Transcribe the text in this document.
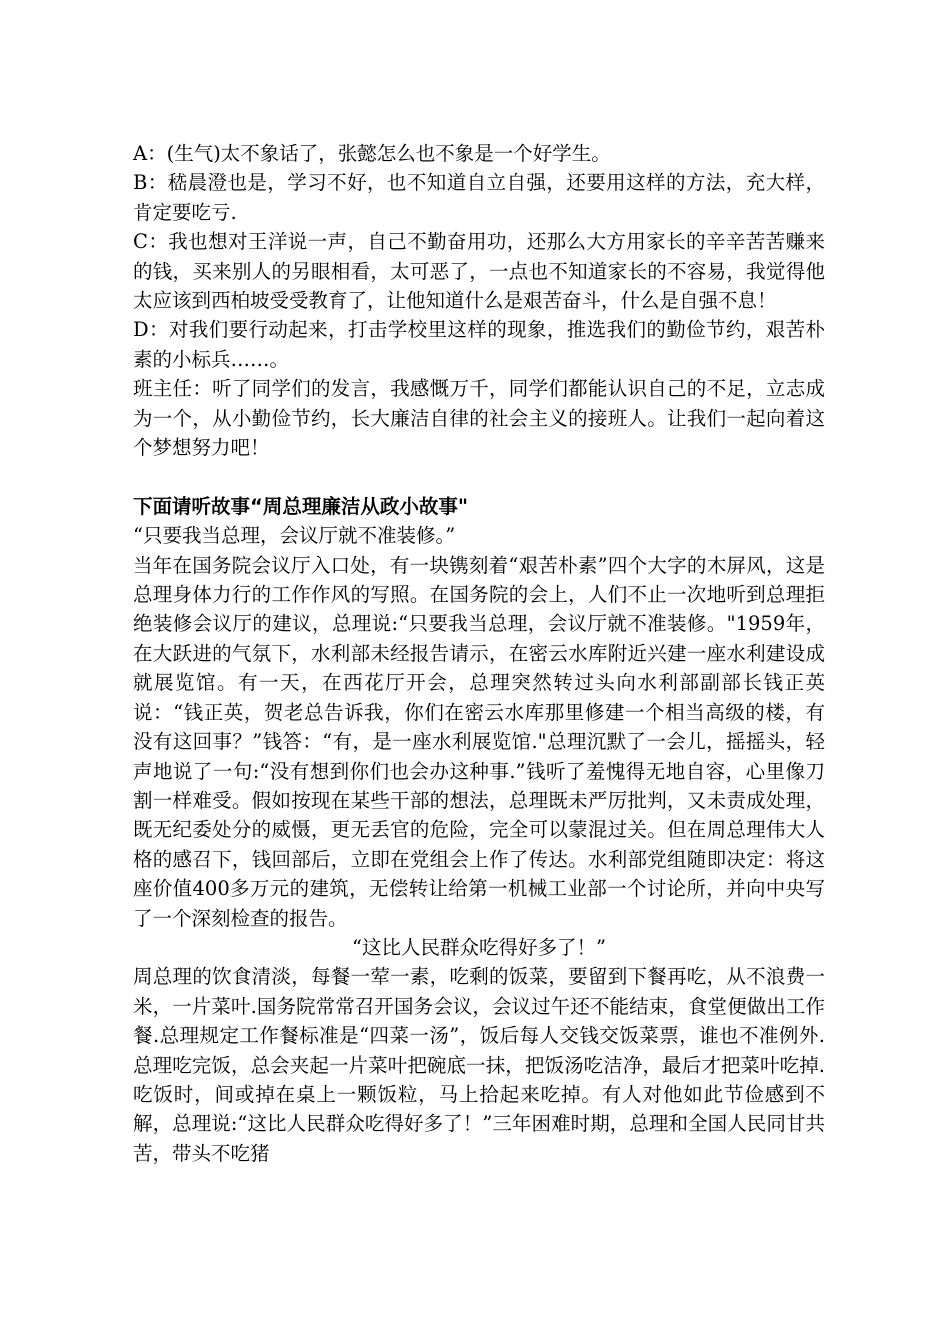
A：(生气)太不象话了，张懿怎么也不象是一个好学生。

B：嵇晨澄也是，学习不好，也不知道自立自强，还要用这样的方法，充大样，肯定要吃亏.

C：我也想对王洋说一声，自己不勤奋用功，还那么大方用家长的辛辛苦苦赚来的钱，买来别人的另眼相看，太可恶了，一点也不知道家长的不容易，我觉得他太应该到西柏坡受受教育了，让他知道什么是艰苦奋斗，什么是自强不息！

D：对我们要行动起来，打击学校里这样的现象，推选我们的勤俭节约，艰苦朴素的小标兵……。

班主任：听了同学们的发言，我感慨万千，同学们都能认识自己的不足，立志成为一个，从小勤俭节约，长大廉洁自律的社会主义的接班人。让我们一起向着这个梦想努力吧！

下面请听故事“周总理廉洁从政小故事"

“只要我当总理，会议厅就不准装修。”

当年在国务院会议厅入口处，有一块镌刻着“艰苦朴素”四个大字的木屏风，这是总理身体力行的工作作风的写照。在国务院的会上，人们不止一次地听到总理拒绝装修会议厅的建议，总理说:“只要我当总理，会议厅就不准装修。"1959年，在大跃进的气氛下，水利部未经报告请示，在密云水库附近兴建一座水利建设成就展览馆。有一天，在西花厅开会，总理突然转过头向水利部副部长钱正英说：“钱正英，贺老总告诉我，你们在密云水库那里修建一个相当高级的楼，有没有这回事？”钱答：“有，是一座水利展览馆."总理沉默了一会儿，摇摇头，轻声地说了一句:“没有想到你们也会办这种事.”钱听了羞愧得无地自容，心里像刀割一样难受。假如按现在某些干部的想法，总理既未严厉批判，又未责成处理，既无纪委处分的威慑，更无丢官的危险，完全可以蒙混过关。但在周总理伟大人格的感召下，钱回部后，立即在党组会上作了传达。水利部党组随即决定：将这座价值400多万元的建筑，无偿转让给第一机械工业部一个讨论所，并向中央写了一个深刻检查的报告。

“这比人民群众吃得好多了！”

周总理的饮食清淡，每餐一荤一素，吃剩的饭菜，要留到下餐再吃，从不浪费一米，一片菜叶.国务院常常召开国务会议，会议过午还不能结束，食堂便做出工作餐.总理规定工作餐标准是“四菜一汤”，饭后每人交钱交饭菜票，谁也不准例外.总理吃完饭，总会夹起一片菜叶把碗底一抹，把饭汤吃洁净，最后才把菜叶吃掉.吃饭时，间或掉在桌上一颗饭粒，马上拾起来吃掉。有人对他如此节俭感到不解，总理说:“这比人民群众吃得好多了！”三年困难时期，总理和全国人民同甘共苦，带头不吃猪
